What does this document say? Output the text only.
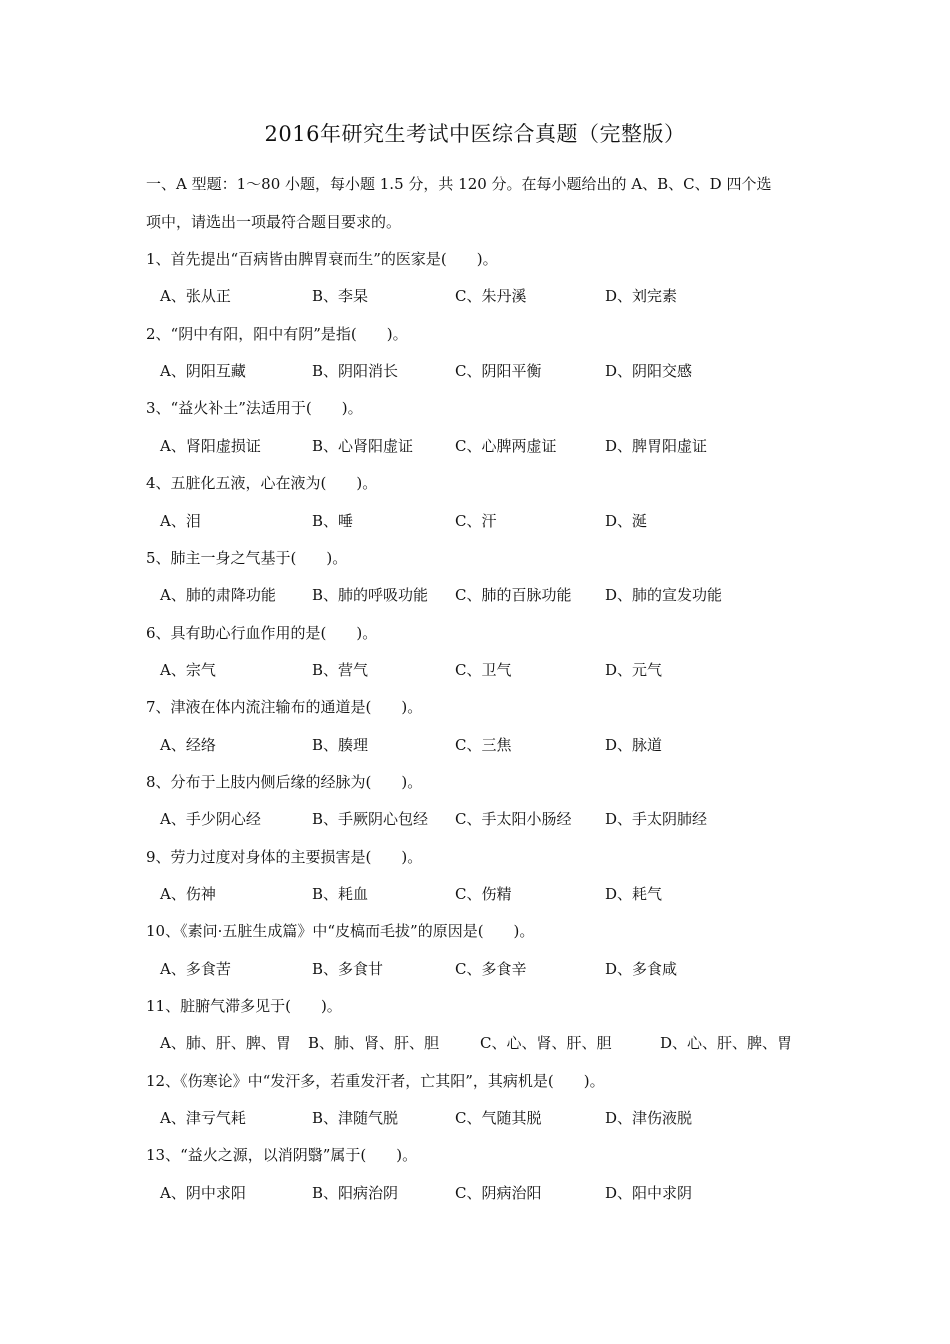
2016年研究生考试中医综合真题（完整版）
一、A 型题：1～80 小题，每小题 1.5 分，共 120 分。在每小题给出的 A、B、C、D 四个选
项中，请选出一项最符合题目要求的。
1、首先提出“百病皆由脾胃衰而生”的医家是(　　)。
A、张从正	B、李杲	C、朱丹溪	D、刘完素
2、“阴中有阳，阳中有阴”是指(　　)。
A、阴阳互藏	B、阴阳消长	C、阴阳平衡	D、阴阳交感
3、“益火补土”法适用于(　　)。
A、肾阳虚损证	B、心肾阳虚证	C、心脾两虚证	D、脾胃阳虚证
4、五脏化五液，心在液为(　　)。
A、泪	B、唾	C、汗	D、涎
5、肺主一身之气基于(　　)。
A、肺的肃降功能 B、肺的呼吸功能 C、肺的百脉功能 D、肺的宣发功能
6、具有助心行血作用的是(　　)。
A、宗气	B、营气	C、卫气	D、元气
7、津液在体内流注输布的通道是(　　)。
A、经络	B、腠理	C、三焦	D、脉道
8、分布于上肢内侧后缘的经脉为(　　)。
A、手少阴心经	B、手厥阴心包经 C、手太阳小肠经 D、手太阴肺经
9、劳力过度对身体的主要损害是(　　)。
A、伤神	B、耗血	C、伤精	D、耗气
10、《素问·五脏生成篇》中“皮槁而毛拔”的原因是(　　)。
A、多食苦	B、多食甘	C、多食辛	D、多食咸
11、脏腑气滞多见于(　　)。
A、肺、肝、脾、胃 B、肺、肾、肝、胆	C、心、肾、肝、胆	D、心、肝、脾、胃
12、《伤寒论》中“发汗多，若重发汗者，亡其阳”，其病机是(　　)。
A、津亏气耗	B、津随气脱	C、气随其脱	D、津伤液脱
13、“益火之源，以消阴翳”属于(　　)。
A、阴中求阳	B、阳病治阴	C、阴病治阳	D、阳中求阴
